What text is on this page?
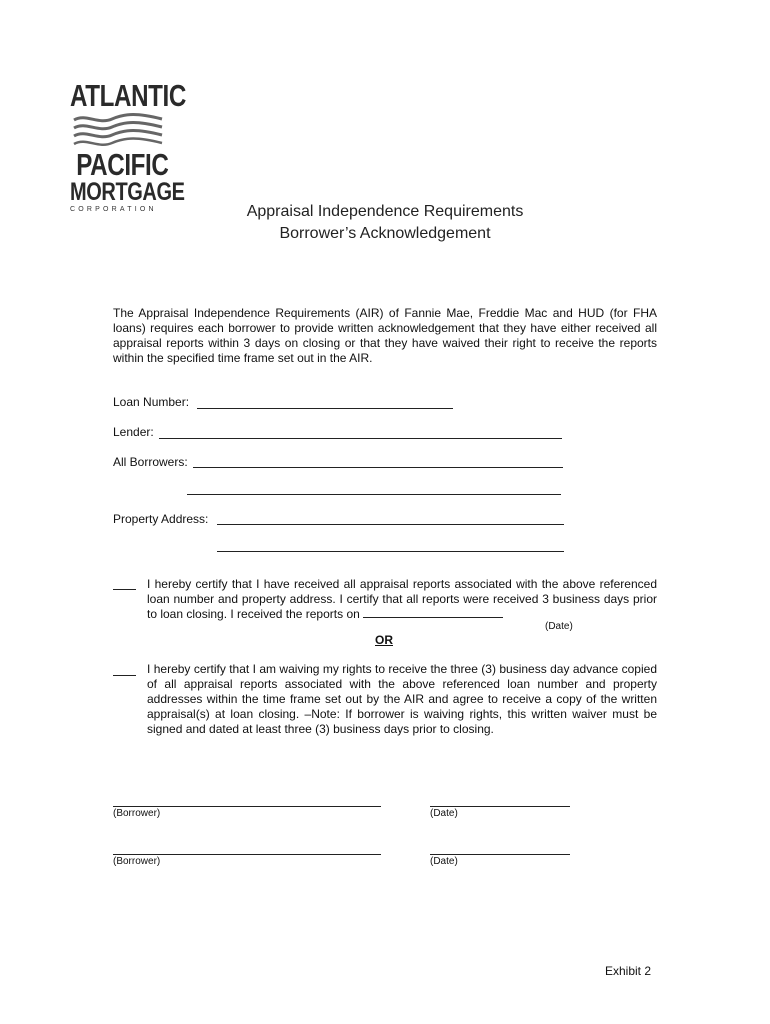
ATLANTIC
PACIFIC
MORTGAGE
CORPORATION	Appraisal Independence Requirements
Borrower’s Acknowledgement
The Appraisal Independence Requirements (AIR) of Fannie Mae, Freddie Mac and HUD (for FHA loans) requires each borrower to provide written acknowledgement that they have either received all appraisal reports within 3 days on closing or that they have waived their right to receive the reports within the specified time frame set out in the AIR.
Loan Number:
Lender:
All Borrowers:
Property Address:
I hereby certify that I have received all appraisal reports associated with the above referenced loan number and property address. I certify that all reports were received 3 business days prior to loan closing. I received the reports on
(Date)
OR
I hereby certify that I am waiving my rights to receive the three (3) business day advance copied of all appraisal reports associated with the above referenced loan number and property addresses within the time frame set out by the AIR and agree to receive a copy of the written appraisal(s) at loan closing. –Note: If borrower is waiving rights, this written waiver must be signed and dated at least three (3) business days prior to closing.
(Borrower)	(Date)
(Borrower)	(Date)
Exhibit 2
